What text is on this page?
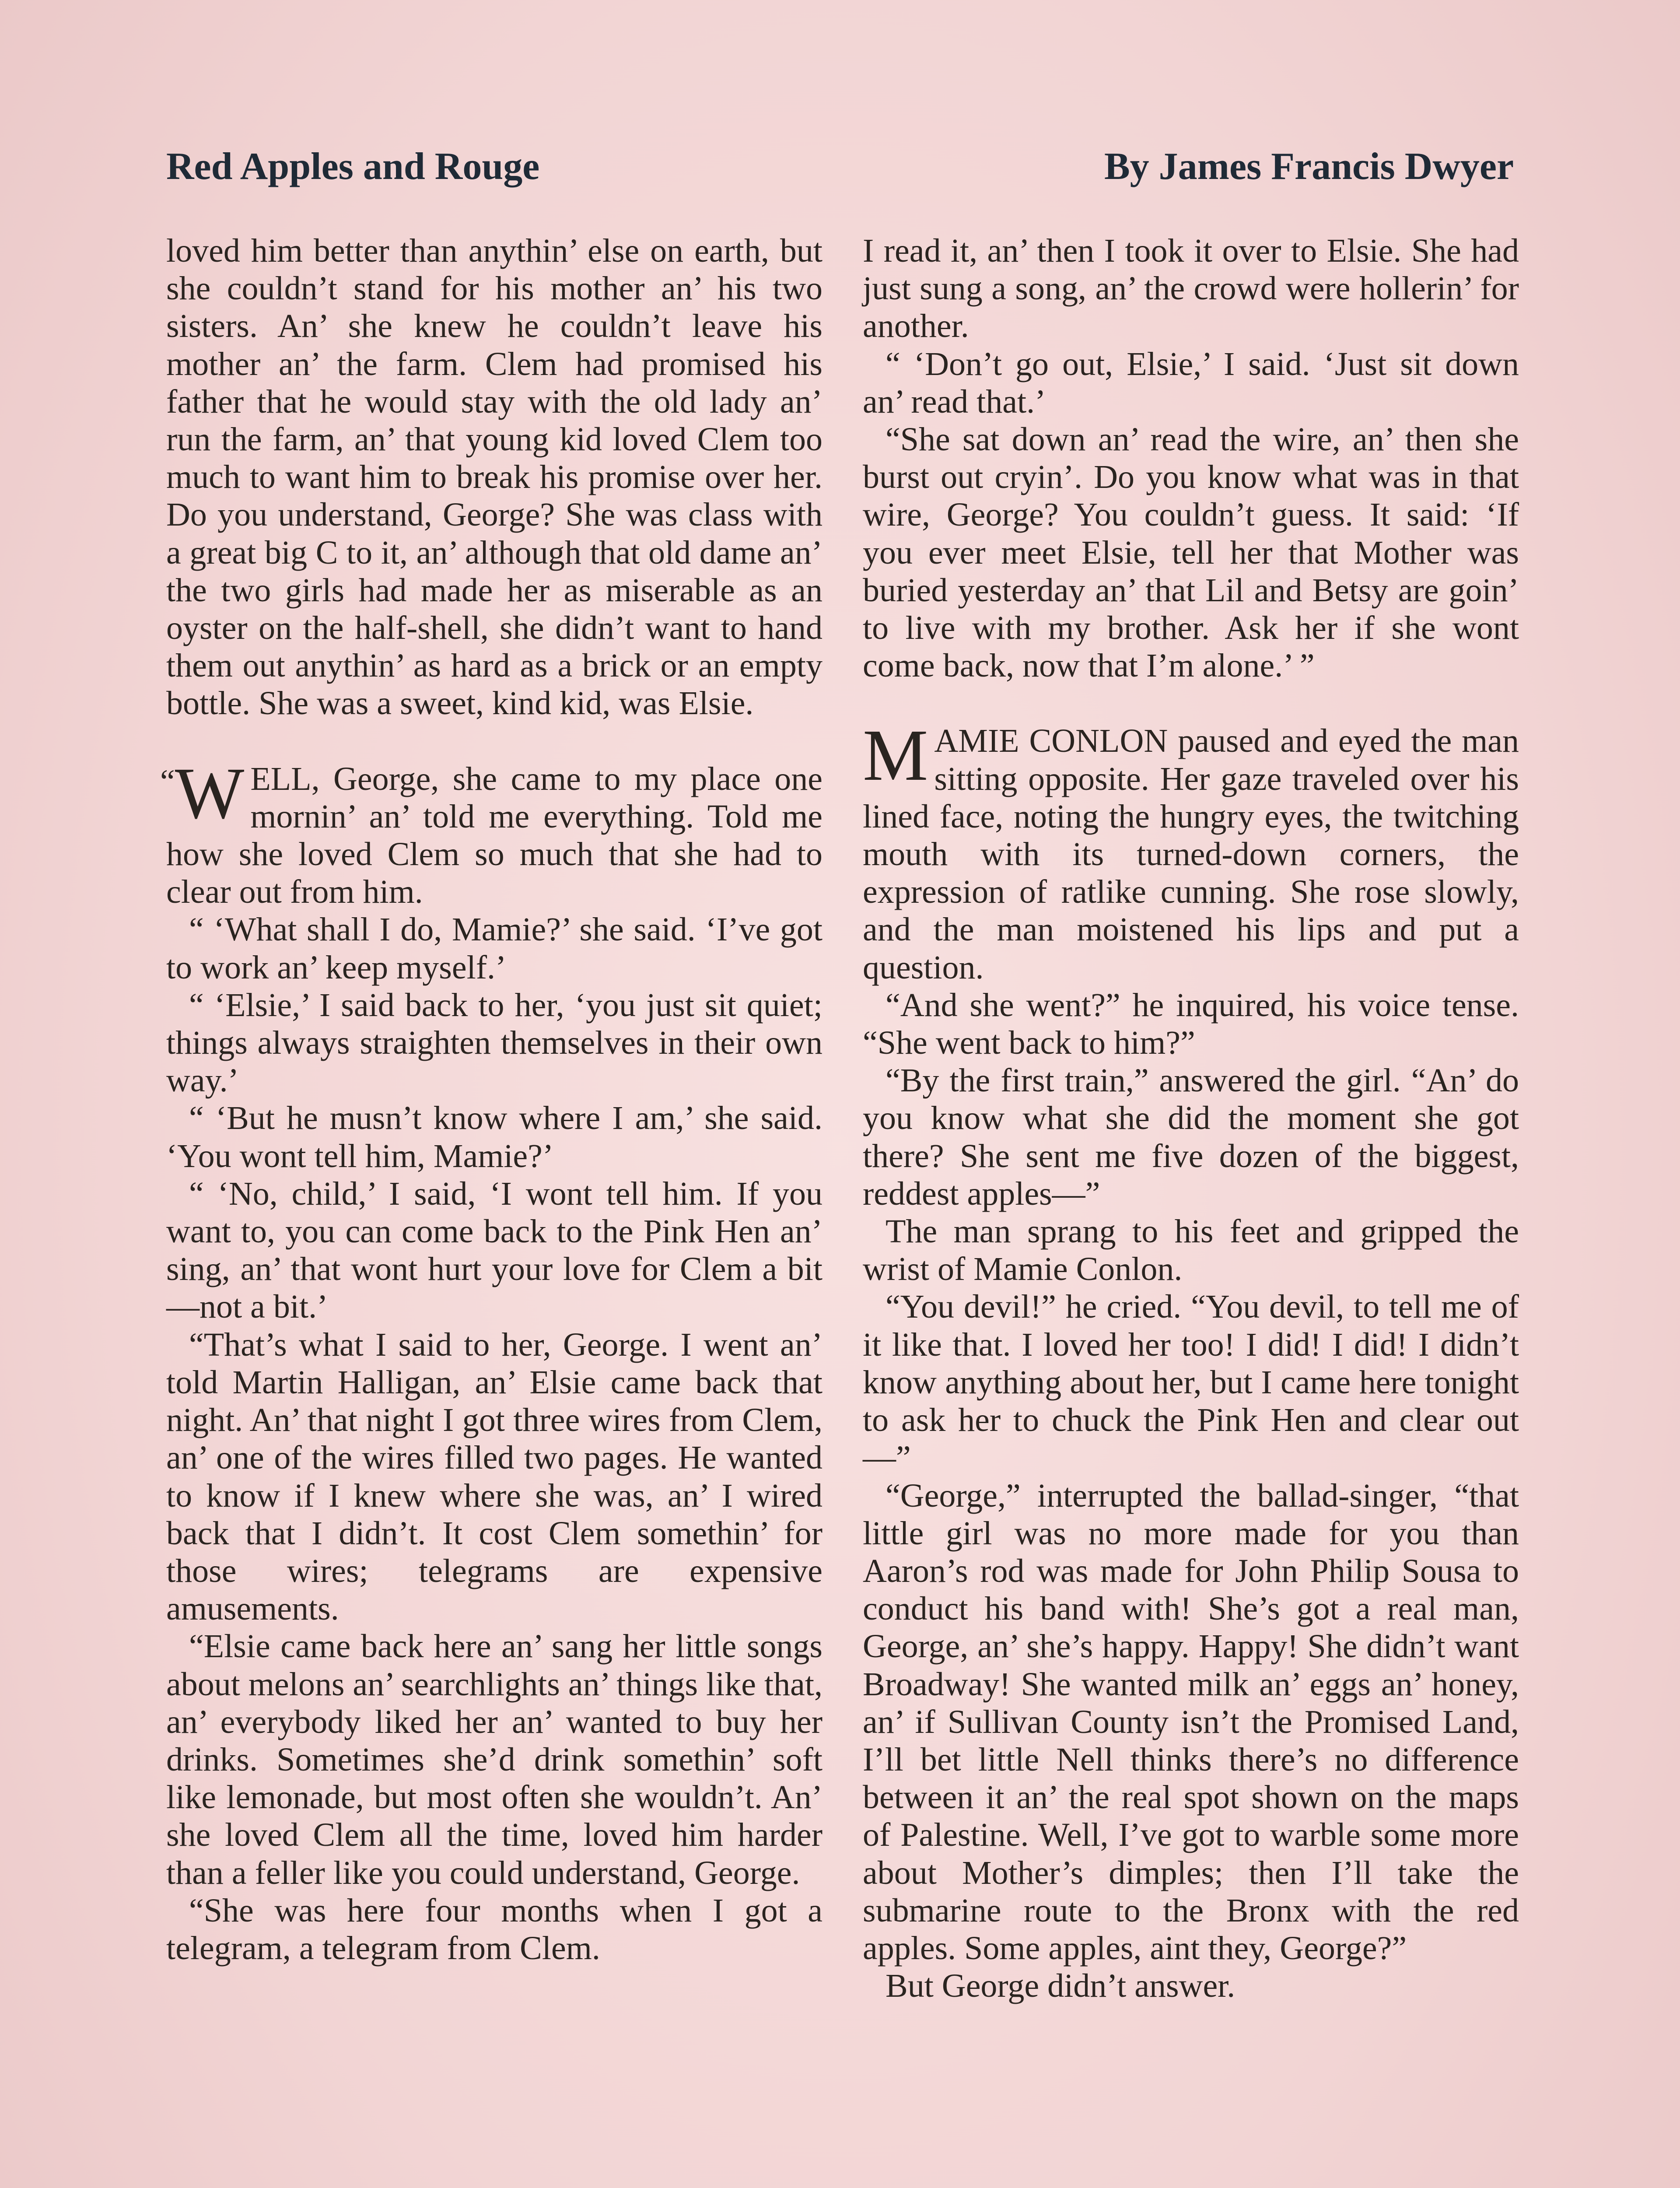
Red Apples and Rouge	By James Francis Dwyer

loved him better than anythin’ else on earth, but she couldn’t stand for his mother an’ his two sisters. An’ she knew he couldn’t leave his mother an’ the farm. Clem had promised his father that he would stay with the old lady an’ run the farm, an’ that young kid loved Clem too much to want him to break his promise over her. Do you understand, George? She was class with a great big C to it, an’ although that old dame an’ the two girls had made her as miserable as an oyster on the half-shell, she didn’t want to hand them out anythin’ as hard as a brick or an empty bottle. She was a sweet, kind kid, was Elsie.

“W ELL, George, she came to my place one mornin’ an’ told me everything. Told me how she loved Clem so much that she had to clear out from him.

“ ‘What shall I do, Mamie?’ she said. ‘I’ve got to work an’ keep myself.’

“ ‘Elsie,’ I said back to her, ‘you just sit quiet; things always straighten themselves in their own way.’

“ ‘But he musn’t know where I am,’ she said. ‘You wont tell him, Mamie?’

“ ‘No, child,’ I said, ‘I wont tell him. If you want to, you can come back to the Pink Hen an’ sing, an’ that wont hurt your love for Clem a bit—not a bit.’

“That’s what I said to her, George. I went an’ told Martin Halligan, an’ Elsie came back that night. An’ that night I got three wires from Clem, an’ one of the wires filled two pages. He wanted to know if I knew where she was, an’ I wired back that I didn’t. It cost Clem somethin’ for those wires; telegrams are expensive amusements.

“Elsie came back here an’ sang her little songs about melons an’ searchlights an’ things like that, an’ everybody liked her an’ wanted to buy her drinks. Sometimes she’d drink somethin’ soft like lemonade, but most often she wouldn’t. An’ she loved Clem all the time, loved him harder than a feller like you could understand, George.

“She was here four months when I got a telegram, a telegram from Clem.

I read it, an’ then I took it over to Elsie. She had just sung a song, an’ the crowd were hollerin’ for another.

“ ‘Don’t go out, Elsie,’ I said. ‘Just sit down an’ read that.’

“She sat down an’ read the wire, an’ then she burst out cryin’. Do you know what was in that wire, George? You couldn’t guess. It said: ‘If you ever meet Elsie, tell her that Mother was buried yesterday an’ that Lil and Betsy are goin’ to live with my brother. Ask her if she wont come back, now that I’m alone.’ ”

MAMIE CONLON paused and eyed the man sitting opposite. Her gaze traveled over his lined face, noting the hungry eyes, the twitching mouth with its turned-down corners, the expression of ratlike cunning. She rose slowly, and the man moistened his lips and put a question.

“And she went?” he inquired, his voice tense. “She went back to him?”

“By the first train,” answered the girl. “An’ do you know what she did the moment she got there? She sent me five dozen of the biggest, reddest apples—”

The man sprang to his feet and gripped the wrist of Mamie Conlon.

“You devil!” he cried. “You devil, to tell me of it like that. I loved her too! I did! I did! I didn’t know anything about her, but I came here tonight to ask her to chuck the Pink Hen and clear out—”

“George,” interrupted the ballad-singer, “that little girl was no more made for you than Aaron’s rod was made for John Philip Sousa to conduct his band with! She’s got a real man, George, an’ she’s happy. Happy! She didn’t want Broadway! She wanted milk an’ eggs an’ honey, an’ if Sullivan County isn’t the Promised Land, I’ll bet little Nell thinks there’s no difference between it an’ the real spot shown on the maps of Palestine. Well, I’ve got to warble some more about Mother’s dimples; then I’ll take the submarine route to the Bronx with the red apples. Some apples, aint they, George?”

But George didn’t answer.
